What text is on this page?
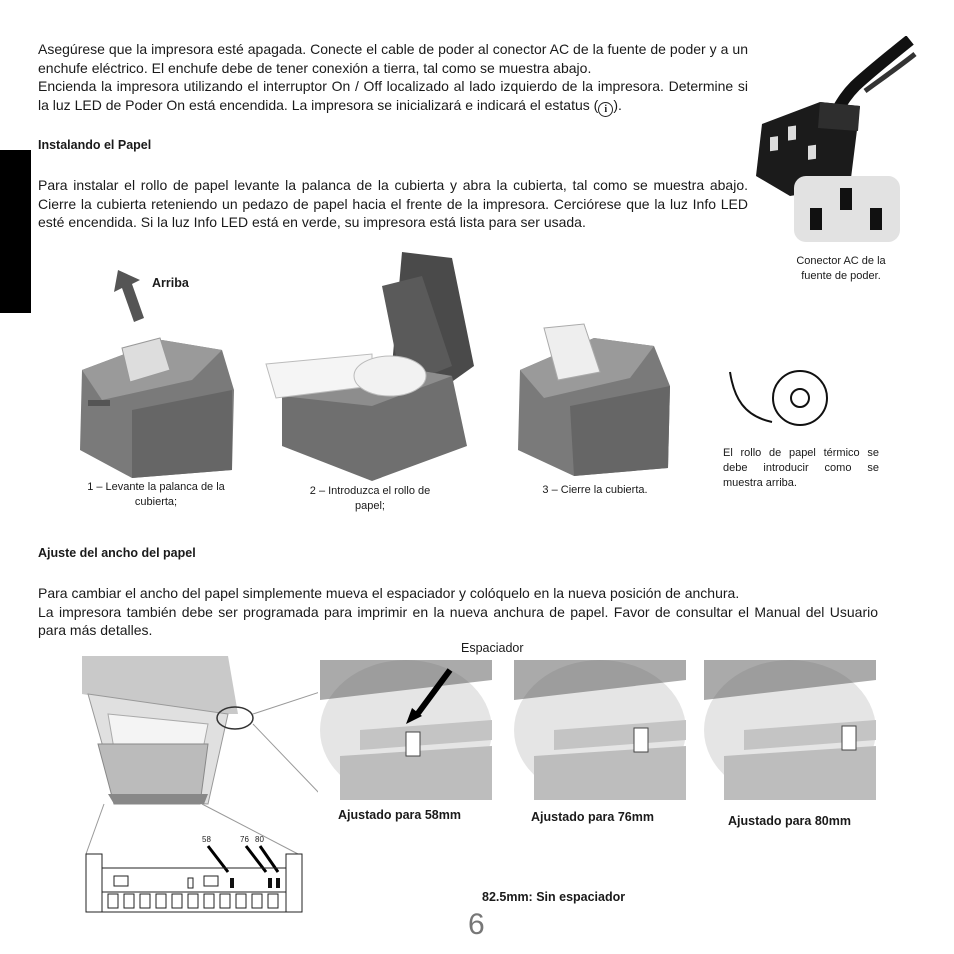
Asegúrese que la impresora esté apagada. Conecte el cable de poder al conector AC de la fuente de poder y a un enchufe eléctrico. El enchufe debe de tener conexión a tierra, tal como se muestra abajo.
Encienda la impresora utilizando el interruptor On / Off localizado al lado izquierdo de la impresora. Determine si la luz LED de Poder On está encendida. La impresora se inicializará e indicará el estatus ( i ).
Conector AC de la fuente de poder.
Instalando el Papel
Para instalar el rollo de papel levante la palanca de la cubierta y abra la cubierta, tal como se muestra abajo. Cierre la cubierta reteniendo un pedazo de papel hacia el frente de la impresora. Cerciórese que la luz Info LED esté encendida. Si la luz Info LED está en verde, su impresora está lista para ser usada.
Arriba
1 – Levante la palanca de la cubierta;
2 – Introduzca el rollo de papel;
3 – Cierre la cubierta.
El rollo de papel térmico se debe introducir como se muestra arriba.
Ajuste del ancho del papel
Para cambiar el ancho del papel simplemente mueva el espaciador y colóquelo en la nueva posición de anchura.
La impresora también debe ser programada para imprimir en la nueva anchura de papel. Favor de consultar el Manual del Usuario para más detalles.
58	76 80
Espaciador
Ajustado para 58mm	Ajustado para 76mm	Ajustado para 80mm
82.5mm: Sin espaciador
6
